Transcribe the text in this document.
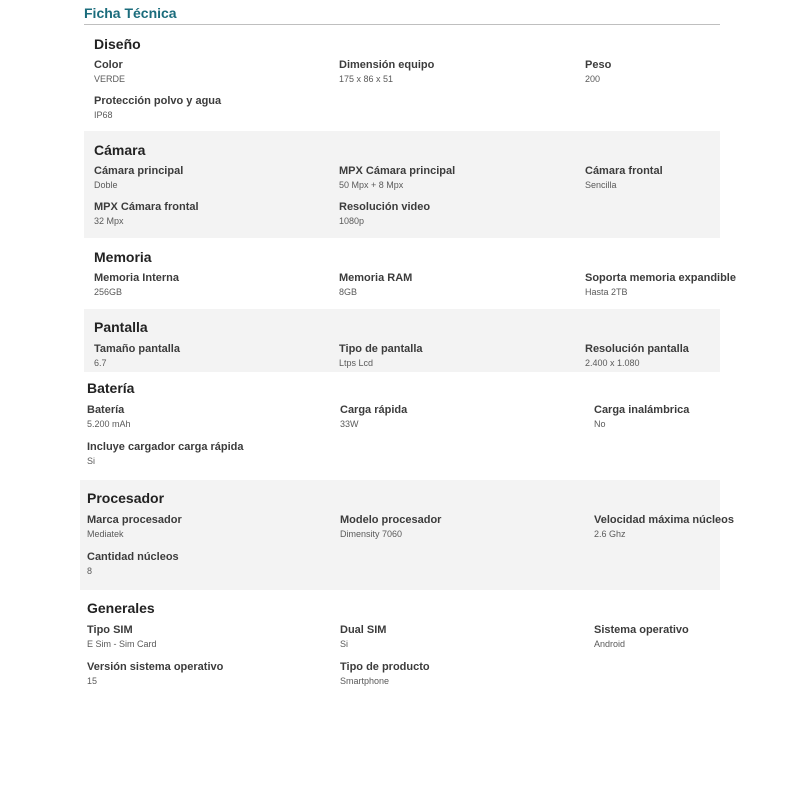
Ficha Técnica
Diseño
Color
VERDE
Dimensión equipo
175 x 86 x 51
Peso
200
Protección polvo y agua
IP68
Cámara
Cámara principal
Doble
MPX Cámara principal
50 Mpx + 8 Mpx
Cámara frontal
Sencilla
MPX Cámara frontal
32 Mpx
Resolución video
1080p
Memoria
Memoria Interna
256GB
Memoria RAM
8GB
Soporta memoria expandible
Hasta 2TB
Pantalla
Tamaño pantalla
6.7
Tipo de pantalla
Ltps Lcd
Resolución pantalla
2.400 x 1.080
Batería
Batería
5.200 mAh
Carga rápida
33W
Carga inalámbrica
No
Incluye cargador carga rápida
Si
Procesador
Marca procesador
Mediatek
Modelo procesador
Dimensity 7060
Velocidad máxima núcleos
2.6 Ghz
Cantidad núcleos
8
Generales
Tipo SIM
E Sim - Sim Card
Dual SIM
Si
Sistema operativo
Android
Versión sistema operativo
15
Tipo de producto
Smartphone
